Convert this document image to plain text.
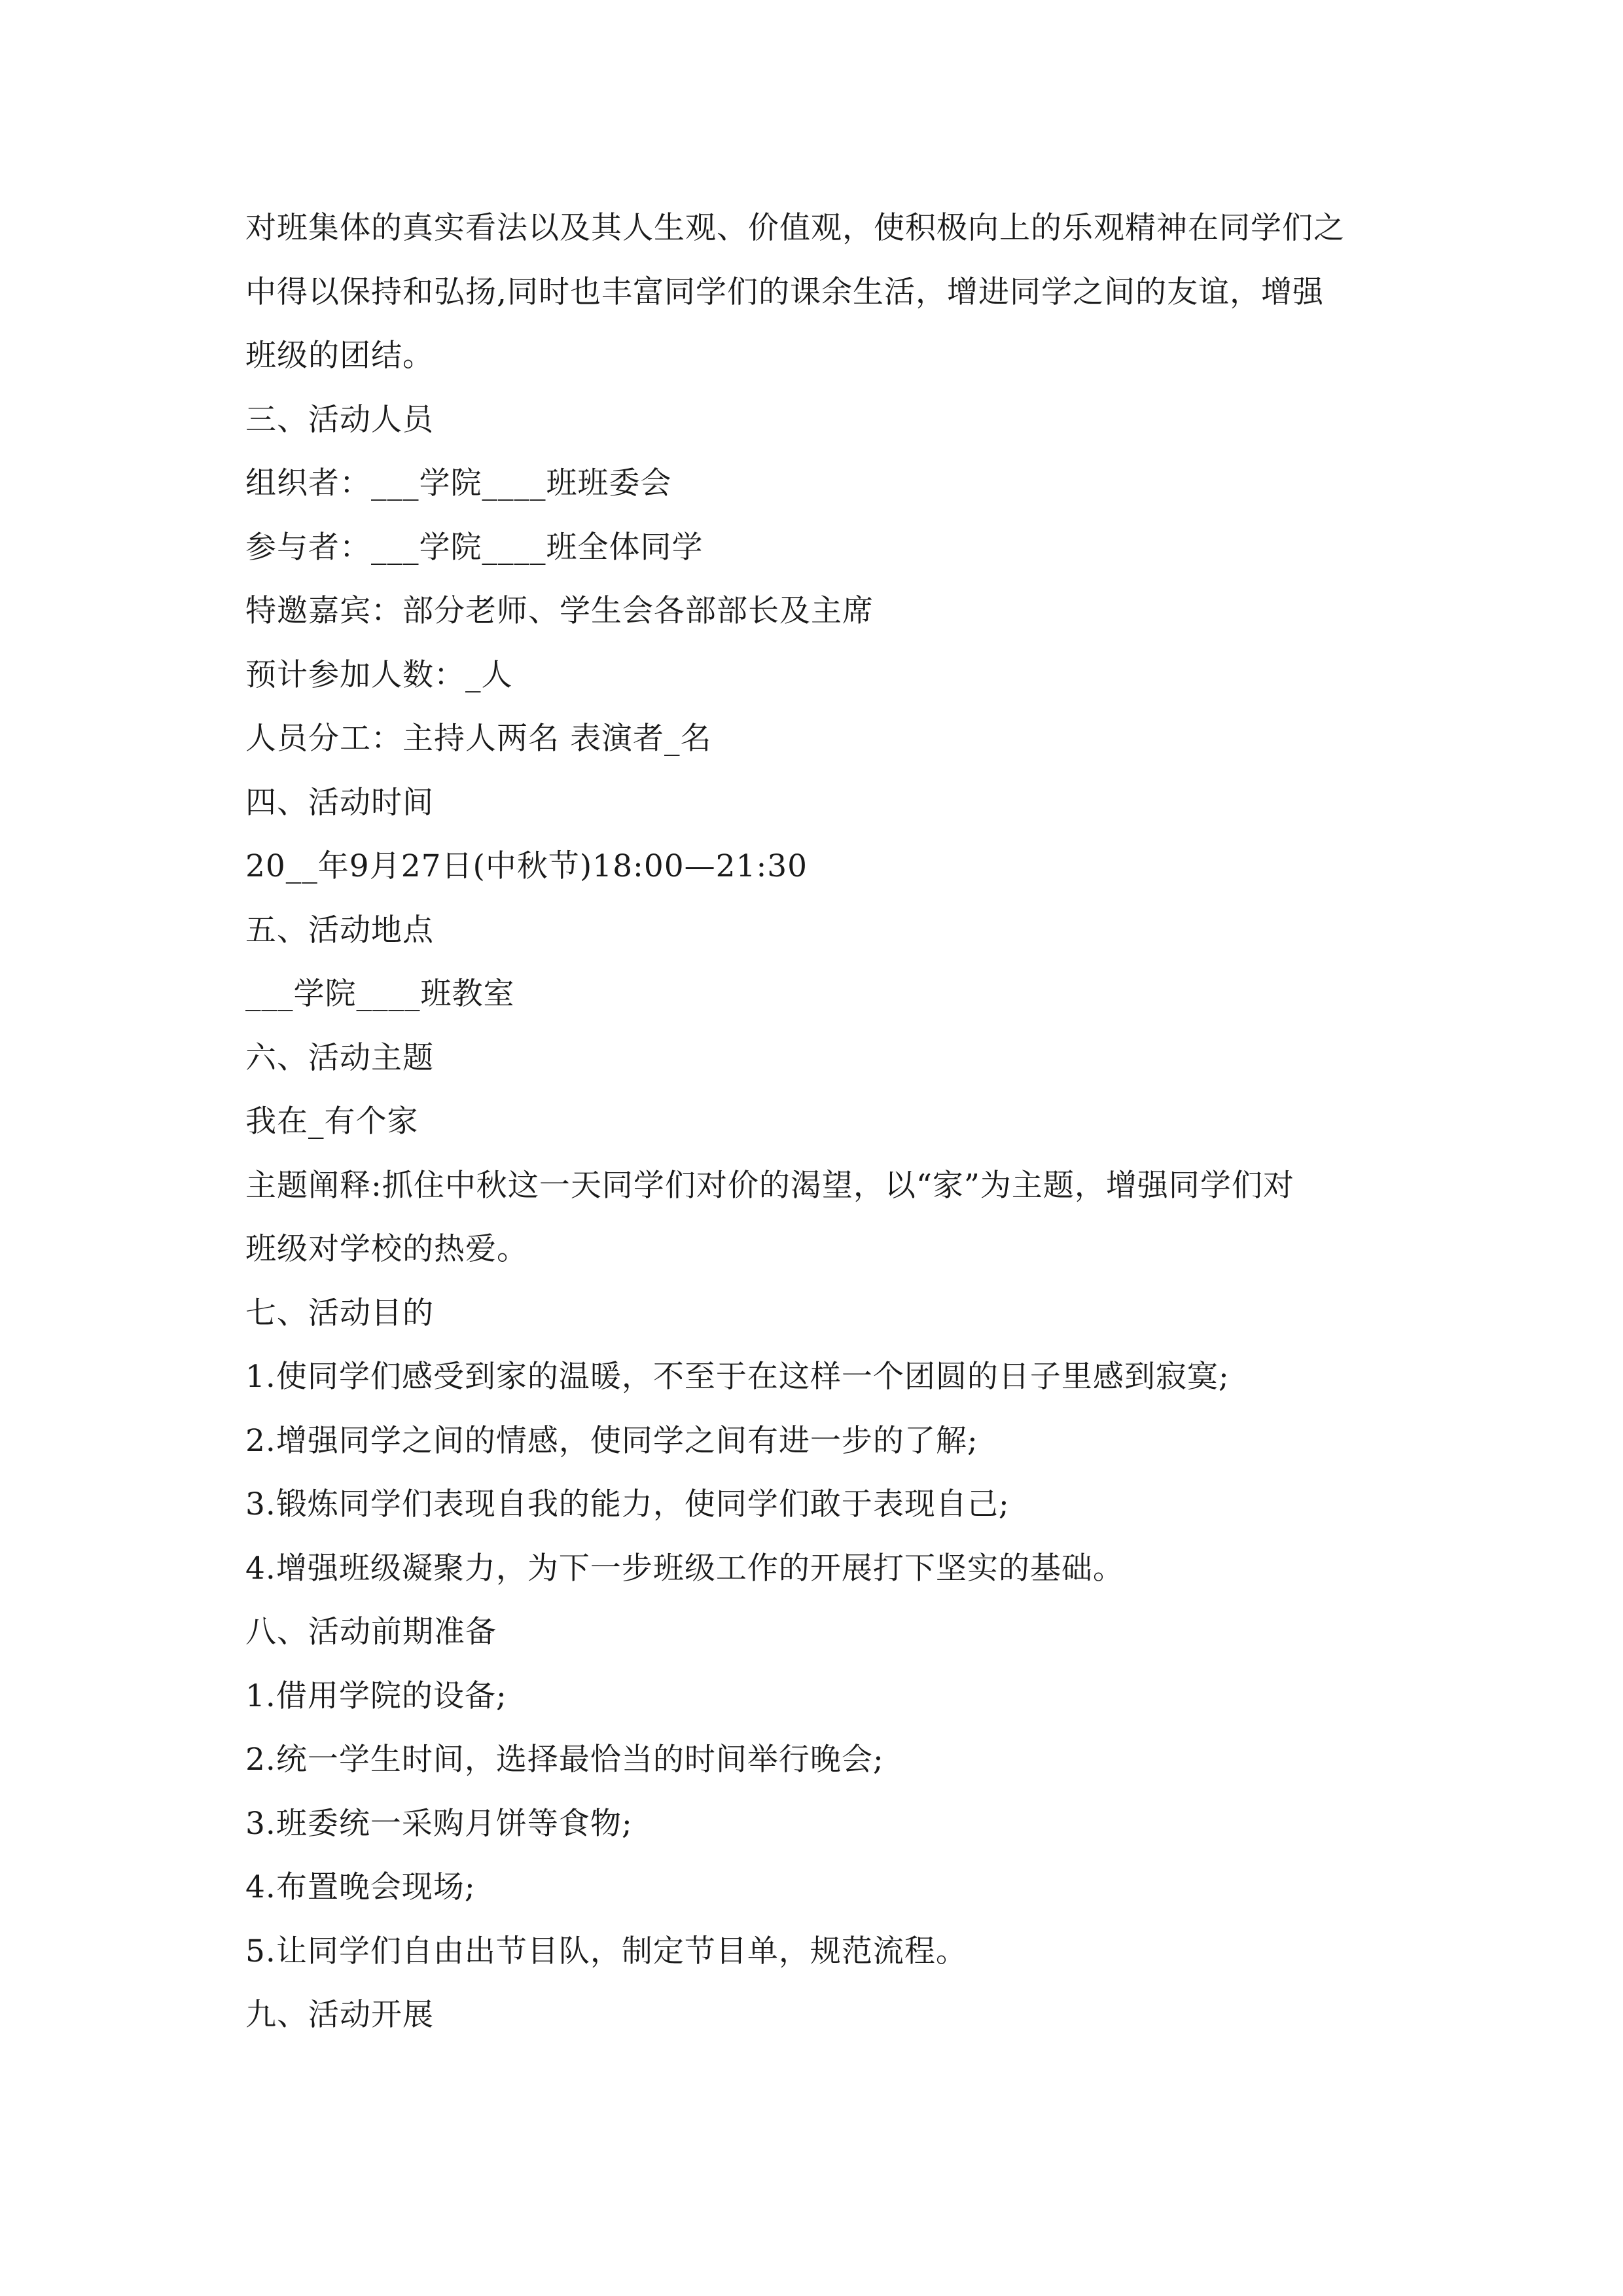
对班集体的真实看法以及其人生观、价值观，使积极向上的乐观精神在同学们之
中得以保持和弘扬,同时也丰富同学们的课余生活，增进同学之间的友谊，增强
班级的团结。
三、活动人员
组织者：___学院____班班委会
参与者：___学院____班全体同学
特邀嘉宾：部分老师、学生会各部部长及主席
预计参加人数：_人
人员分工：主持人两名 表演者_名
四、活动时间
20__年9月27日(中秋节)18:00—21:30
五、活动地点
___学院____班教室
六、活动主题
我在_有个家
主题阐释:抓住中秋这一天同学们对价的渴望，以“家”为主题，增强同学们对
班级对学校的热爱。
七、活动目的
1.使同学们感受到家的温暖，不至于在这样一个团圆的日子里感到寂寞;
2.增强同学之间的情感，使同学之间有进一步的了解;
3.锻炼同学们表现自我的能力，使同学们敢于表现自己;
4.增强班级凝聚力，为下一步班级工作的开展打下坚实的基础。
八、活动前期准备
1.借用学院的设备;
2.统一学生时间，选择最恰当的时间举行晚会;
3.班委统一采购月饼等食物;
4.布置晚会现场;
5.让同学们自由出节目队，制定节目单，规范流程。
九、活动开展
